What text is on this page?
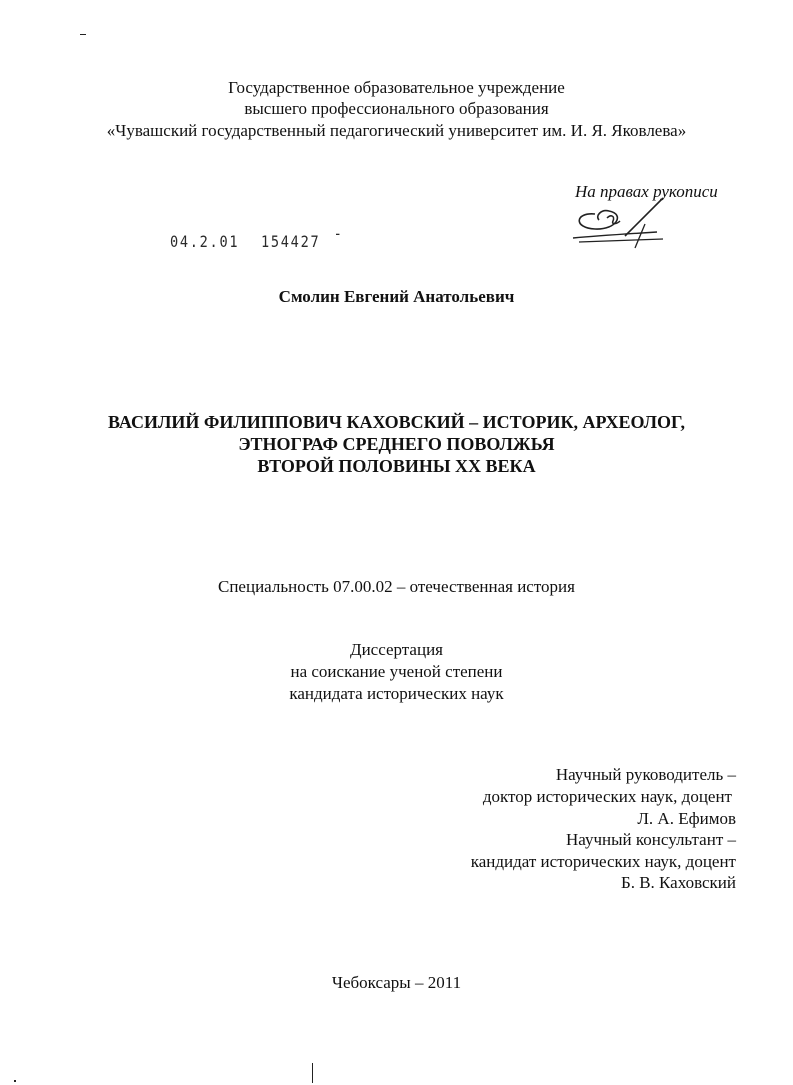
Государственное образовательное учреждение
высшего профессионального образования
«Чувашский государственный педагогический университет им. И. Я. Яковлева»
На правах рукописи
04.2.01 154427 -
Смолин Евгений Анатольевич
ВАСИЛИЙ ФИЛИППОВИЧ КАХОВСКИЙ – ИСТОРИК, АРХЕОЛОГ,
ЭТНОГРАФ СРЕДНЕГО ПОВОЛЖЬЯ
ВТОРОЙ ПОЛОВИНЫ ХХ ВЕКА
Специальность 07.00.02 – отечественная история
Диссертация
на соискание ученой степени
кандидата исторических наук
Научный руководитель –
доктор исторических наук, доцент
Л. А. Ефимов
Научный консультант –
кандидат исторических наук, доцент
Б. В. Каховский
Чебоксары – 2011
